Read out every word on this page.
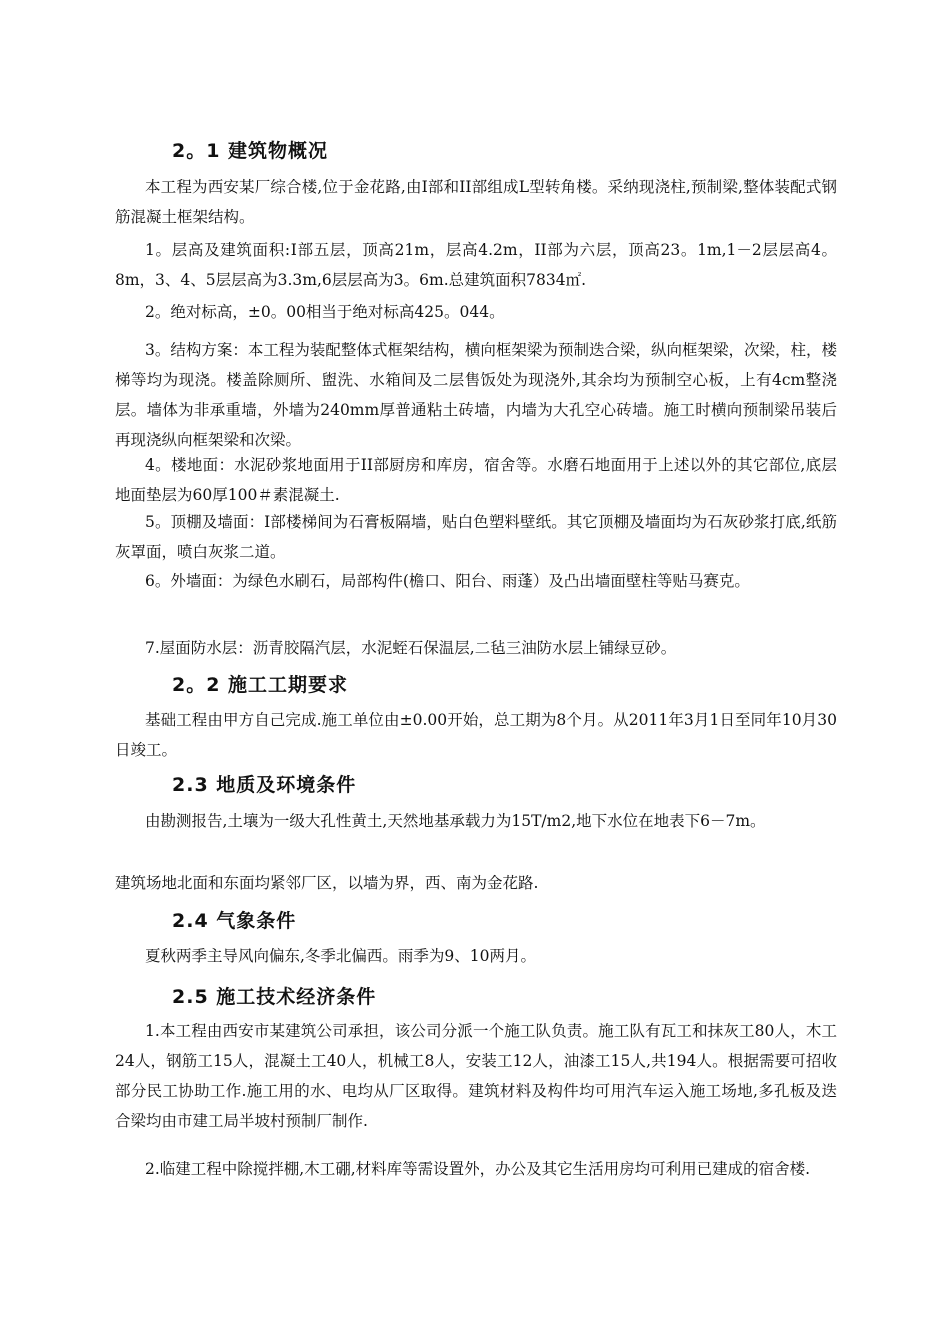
2。1 建筑物概况
本工程为西安某厂综合楼,位于金花路,由Ⅰ部和II部组成L型转角楼。采纳现浇柱,预制梁,整体装配式钢筋混凝土框架结构。
1。层高及建筑面积:Ⅰ部五层，顶高21m，层高4.2m，II部为六层，顶高23。1m,1－2层层高4。8m，3、4、5层层高为3.3m,6层层高为3。6m.总建筑面积7834㎡.
2。绝对标高，±0。00相当于绝对标高425。044。
3。结构方案：本工程为装配整体式框架结构，横向框架梁为预制迭合梁，纵向框架梁，次梁，柱，楼梯等均为现浇。楼盖除厕所、盥洗、水箱间及二层售饭处为现浇外,其余均为预制空心板，上有4cm整浇层。墙体为非承重墙，外墙为240mm厚普通粘土砖墙，内墙为大孔空心砖墙。施工时横向预制梁吊装后再现浇纵向框架梁和次梁。
4。楼地面：水泥砂浆地面用于II部厨房和库房，宿舍等。水磨石地面用于上述以外的其它部位,底层地面垫层为60厚100＃素混凝土.
5。顶棚及墙面：Ⅰ部楼梯间为石膏板隔墙，贴白色塑料壁纸。其它顶棚及墙面均为石灰砂浆打底,纸筋灰罩面，喷白灰浆二道。
6。外墙面：为绿色水刷石，局部构件(檐口、阳台、雨蓬）及凸出墙面壁柱等贴马赛克。
7.屋面防水层：沥青胶隔汽层，水泥蛭石保温层,二毡三油防水层上铺绿豆砂。
2。2 施工工期要求
基础工程由甲方自己完成.施工单位由±0.00开始，总工期为8个月。从2011年3月1日至同年10月30日竣工。
2.3 地质及环境条件
由勘测报告,土壤为一级大孔性黄土,天然地基承载力为15T/m2,地下水位在地表下6－7m。
建筑场地北面和东面均紧邻厂区，以墙为界，西、南为金花路.
2.4 气象条件
夏秋两季主导风向偏东,冬季北偏西。雨季为9、10两月。
2.5 施工技术经济条件
1.本工程由西安市某建筑公司承担，该公司分派一个施工队负责。施工队有瓦工和抹灰工80人，木工24人，钢筋工15人，混凝土工40人，机械工8人，安装工12人，油漆工15人,共194人。根据需要可招收部分民工协助工作.施工用的水、电均从厂区取得。建筑材料及构件均可用汽车运入施工场地,多孔板及迭合梁均由市建工局半坡村预制厂制作.
2.临建工程中除搅拌棚,木工硼,材料库等需设置外，办公及其它生活用房均可利用已建成的宿舍楼.
